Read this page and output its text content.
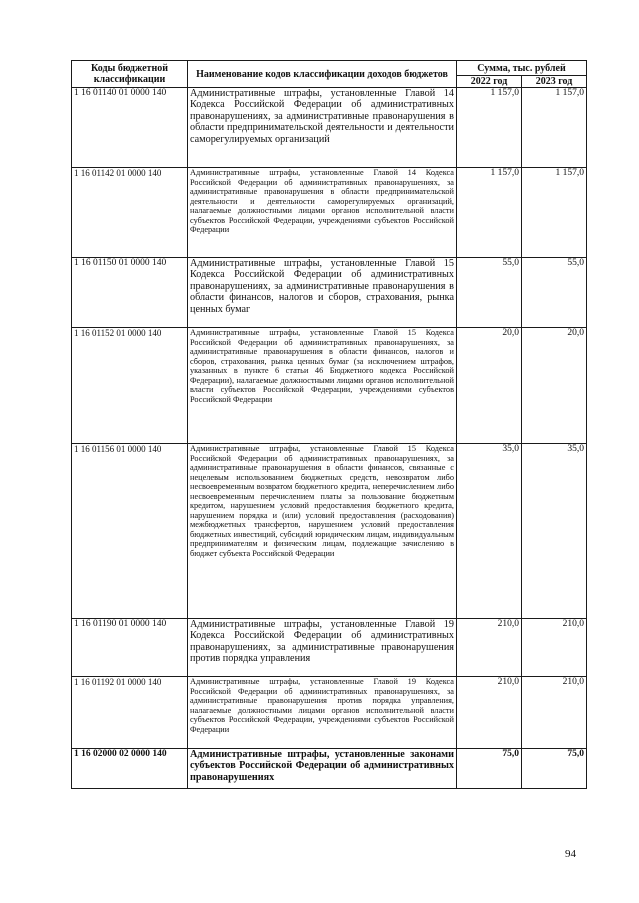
Коды бюджетной классификации	Наименование кодов классификации доходов бюджетов	Сумма, тыс. рублей	
		2022 год	2023 год
1 16 01140 01 0000 140	Административные штрафы, установленные Главой 14 Кодекса Российской Федерации об административных правонарушениях, за административные правонарушения в области предпринимательской деятельности и деятельности саморегулируемых организаций	1 157,0	1 157,0
1 16 01142 01 0000 140	Административные штрафы, установленные Главой 14 Кодекса Российской Федерации об административных правонарушениях, за административные правонарушения в области предпринимательской деятельности и деятельности саморегулируемых организаций, налагаемые должностными лицами органов исполнительной власти субъектов Российской Федерации, учреждениями субъектов Российской Федерации	1 157,0	1 157,0
1 16 01150 01 0000 140	Административные штрафы, установленные Главой 15 Кодекса Российской Федерации об административных правонарушениях, за административные правонарушения в области финансов, налогов и сборов, страхования, рынка ценных бумаг	55,0	55,0
1 16 01152 01 0000 140	Административные штрафы, установленные Главой 15 Кодекса Российской Федерации об административных правонарушениях, за административные правонарушения в области финансов, налогов и сборов, страхования, рынка ценных бумаг (за исключением штрафов, указанных в пункте 6 статьи 46 Бюджетного кодекса Российской Федерации), налагаемые должностными лицами органов исполнительной власти субъектов Российской Федерации, учреждениями субъектов Российской Федерации	20,0	20,0
1 16 01156 01 0000 140	Административные штрафы, установленные Главой 15 Кодекса Российской Федерации об административных правонарушениях, за административные правонарушения в области финансов, связанные с нецелевым использованием бюджетных средств, невозвратом либо несвоевременным возвратом бюджетного кредита, неперечислением либо несвоевременным перечислением платы за пользование бюджетным кредитом, нарушением условий предоставления бюджетного кредита, нарушением порядка и (или) условий предоставления (расходования) межбюджетных трансфертов, нарушением условий предоставления бюджетных инвестиций, субсидий юридическим лицам, индивидуальным предпринимателям и физическим лицам, подлежащие зачислению в бюджет субъекта Российской Федерации	35,0	35,0
1 16 01190 01 0000 140	Административные штрафы, установленные Главой 19 Кодекса Российской Федерации об административных правонарушениях, за административные правонарушения против порядка управления	210,0	210,0
1 16 01192 01 0000 140	Административные штрафы, установленные Главой 19 Кодекса Российской Федерации об административных правонарушениях, за административные правонарушения против порядка управления, налагаемые должностными лицами органов исполнительной власти субъектов Российской Федерации, учреждениями субъектов Российской Федерации	210,0	210,0
1 16 02000 02 0000 140	Административные штрафы, установленные законами субъектов Российской Федерации об административных правонарушениях	75,0	75,0
94
